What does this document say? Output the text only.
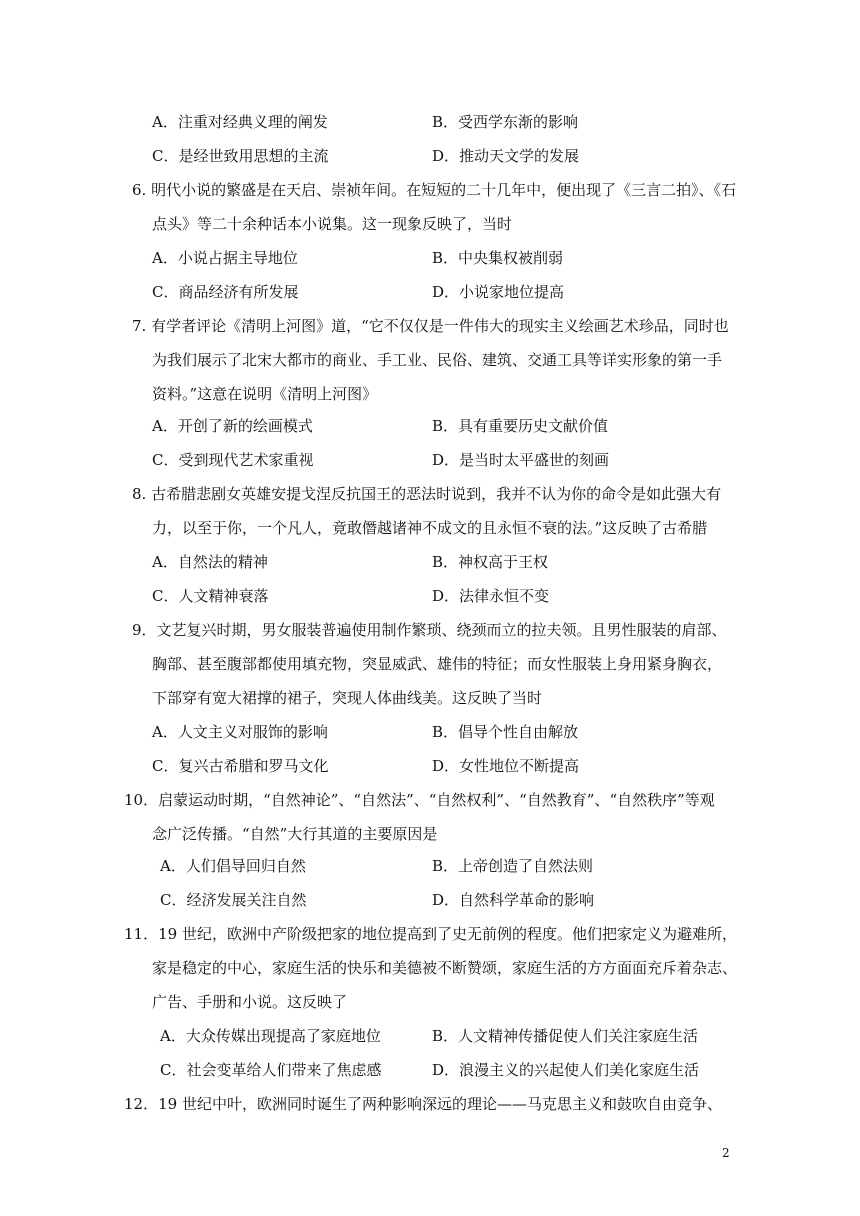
A．注重对经典义理的阐发	B．受西学东渐的影响
C．是经世致用思想的主流	D．推动天文学的发展
6. 明代小说的繁盛是在天启、崇祯年间。在短短的二十几年中，便出现了《三言二拍》、《石
点头》等二十余种话本小说集。这一现象反映了，当时
A．小说占据主导地位	B．中央集权被削弱
C．商品经济有所发展	D．小说家地位提高
7. 有学者评论《清明上河图》道，“它不仅仅是一件伟大的现实主义绘画艺术珍品，同时也
为我们展示了北宋大都市的商业、手工业、民俗、建筑、交通工具等详实形象的第一手
资料。”这意在说明《清明上河图》
A．开创了新的绘画模式	B．具有重要历史文献价值
C．受到现代艺术家重视	D．是当时太平盛世的刻画
8. 古希腊悲剧女英雄安提戈涅反抗国王的恶法时说到，我并不认为你的命令是如此强大有
力，以至于你，一个凡人，竟敢僭越诸神不成文的且永恒不衰的法。”这反映了古希腊
A．自然法的精神	B．神权高于王权
C．人文精神衰落	D．法律永恒不变
9．文艺复兴时期，男女服装普遍使用制作繁琐、绕颈而立的拉夫领。且男性服装的肩部、
胸部、甚至腹部都使用填充物，突显威武、雄伟的特征；而女性服装上身用紧身胸衣，
下部穿有宽大裙撑的裙子，突现人体曲线美。这反映了当时
A．人文主义对服饰的影响	B．倡导个性自由解放
C．复兴古希腊和罗马文化	D．女性地位不断提高
10．启蒙运动时期，“自然神论”、“自然法”、“自然权利”、“自然教育”、“自然秩序”等观
念广泛传播。“自然”大行其道的主要原因是
A．人们倡导回归自然	B．上帝创造了自然法则
C．经济发展关注自然	D．自然科学革命的影响
11．19 世纪，欧洲中产阶级把家的地位提高到了史无前例的程度。他们把家定义为避难所，
家是稳定的中心，家庭生活的快乐和美德被不断赞颂，家庭生活的方方面面充斥着杂志、
广告、手册和小说。这反映了
A．大众传媒出现提高了家庭地位	B．人文精神传播促使人们关注家庭生活
C．社会变革给人们带来了焦虑感	D．浪漫主义的兴起使人们美化家庭生活
12．19 世纪中叶，欧洲同时诞生了两种影响深远的理论——马克思主义和鼓吹自由竞争、
2
